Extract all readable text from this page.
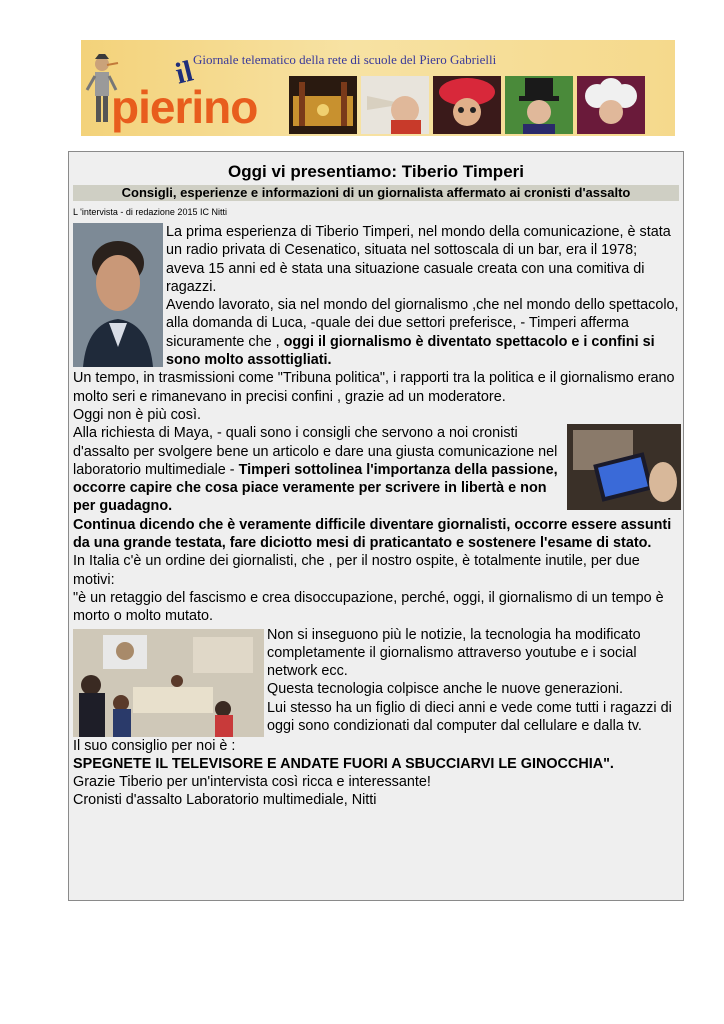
il
pierino
Giornale telematico della rete di scuole del Piero Gabrielli
Oggi vi presentiamo: Tiberio Timperi
Consigli, esperienze e informazioni di un giornalista affermato ai cronisti d'assalto
L 'intervista - di redazione 2015 IC Nitti

La prima esperienza di Tiberio Timperi, nel mondo della comunicazione, è stata un radio privata di Cesenatico, situata nel sottoscala di un bar, era il 1978;

aveva 15 anni ed è stata una situazione casuale creata con una comitiva di ragazzi.

Avendo lavorato, sia nel mondo del giornalismo ,che nel mondo dello spettacolo, alla domanda di Luca, -quale dei due settori preferisce, - Timperi afferma sicuramente che , oggi il giornalismo è diventato spettacolo e i confini si sono molto assottigliati.

Un tempo, in trasmissioni come "Tribuna politica", i rapporti tra la politica e il giornalismo erano molto seri e rimanevano in precisi confini , grazie ad un moderatore.

Oggi non è più così.

Alla richiesta di Maya, - quali sono i consigli che servono a noi cronisti d'assalto per svolgere bene un articolo e dare una giusta comunicazione nel laboratorio multimediale - Timperi sottolinea l'importanza della passione, occorre capire che cosa piace veramente per scrivere in libertà e non per guadagno.

Continua dicendo che è veramente difficile diventare giornalisti, occorre essere assunti da una grande testata, fare diciotto mesi di praticantato e sostenere l'esame di stato.

In Italia c'è un ordine dei giornalisti, che , per il nostro ospite, è totalmente inutile, per due motivi:

"è un retaggio del fascismo e crea disoccupazione, perché, oggi, il giornalismo di un tempo è morto o molto mutato.

Non si inseguono più le notizie, la tecnologia ha modificato completamente il giornalismo attraverso youtube e i social network ecc.

Questa tecnologia colpisce anche le nuove generazioni.

Lui stesso ha un figlio di dieci anni e vede come tutti i ragazzi di oggi sono condizionati dal computer dal cellulare e dalla tv.

Il suo consiglio per noi è :

SPEGNETE IL TELEVISORE E ANDATE FUORI A SBUCCIARVI LE GINOCCHIA".

Grazie Tiberio per un'intervista così ricca e interessante!

Cronisti d'assalto Laboratorio multimediale, Nitti
